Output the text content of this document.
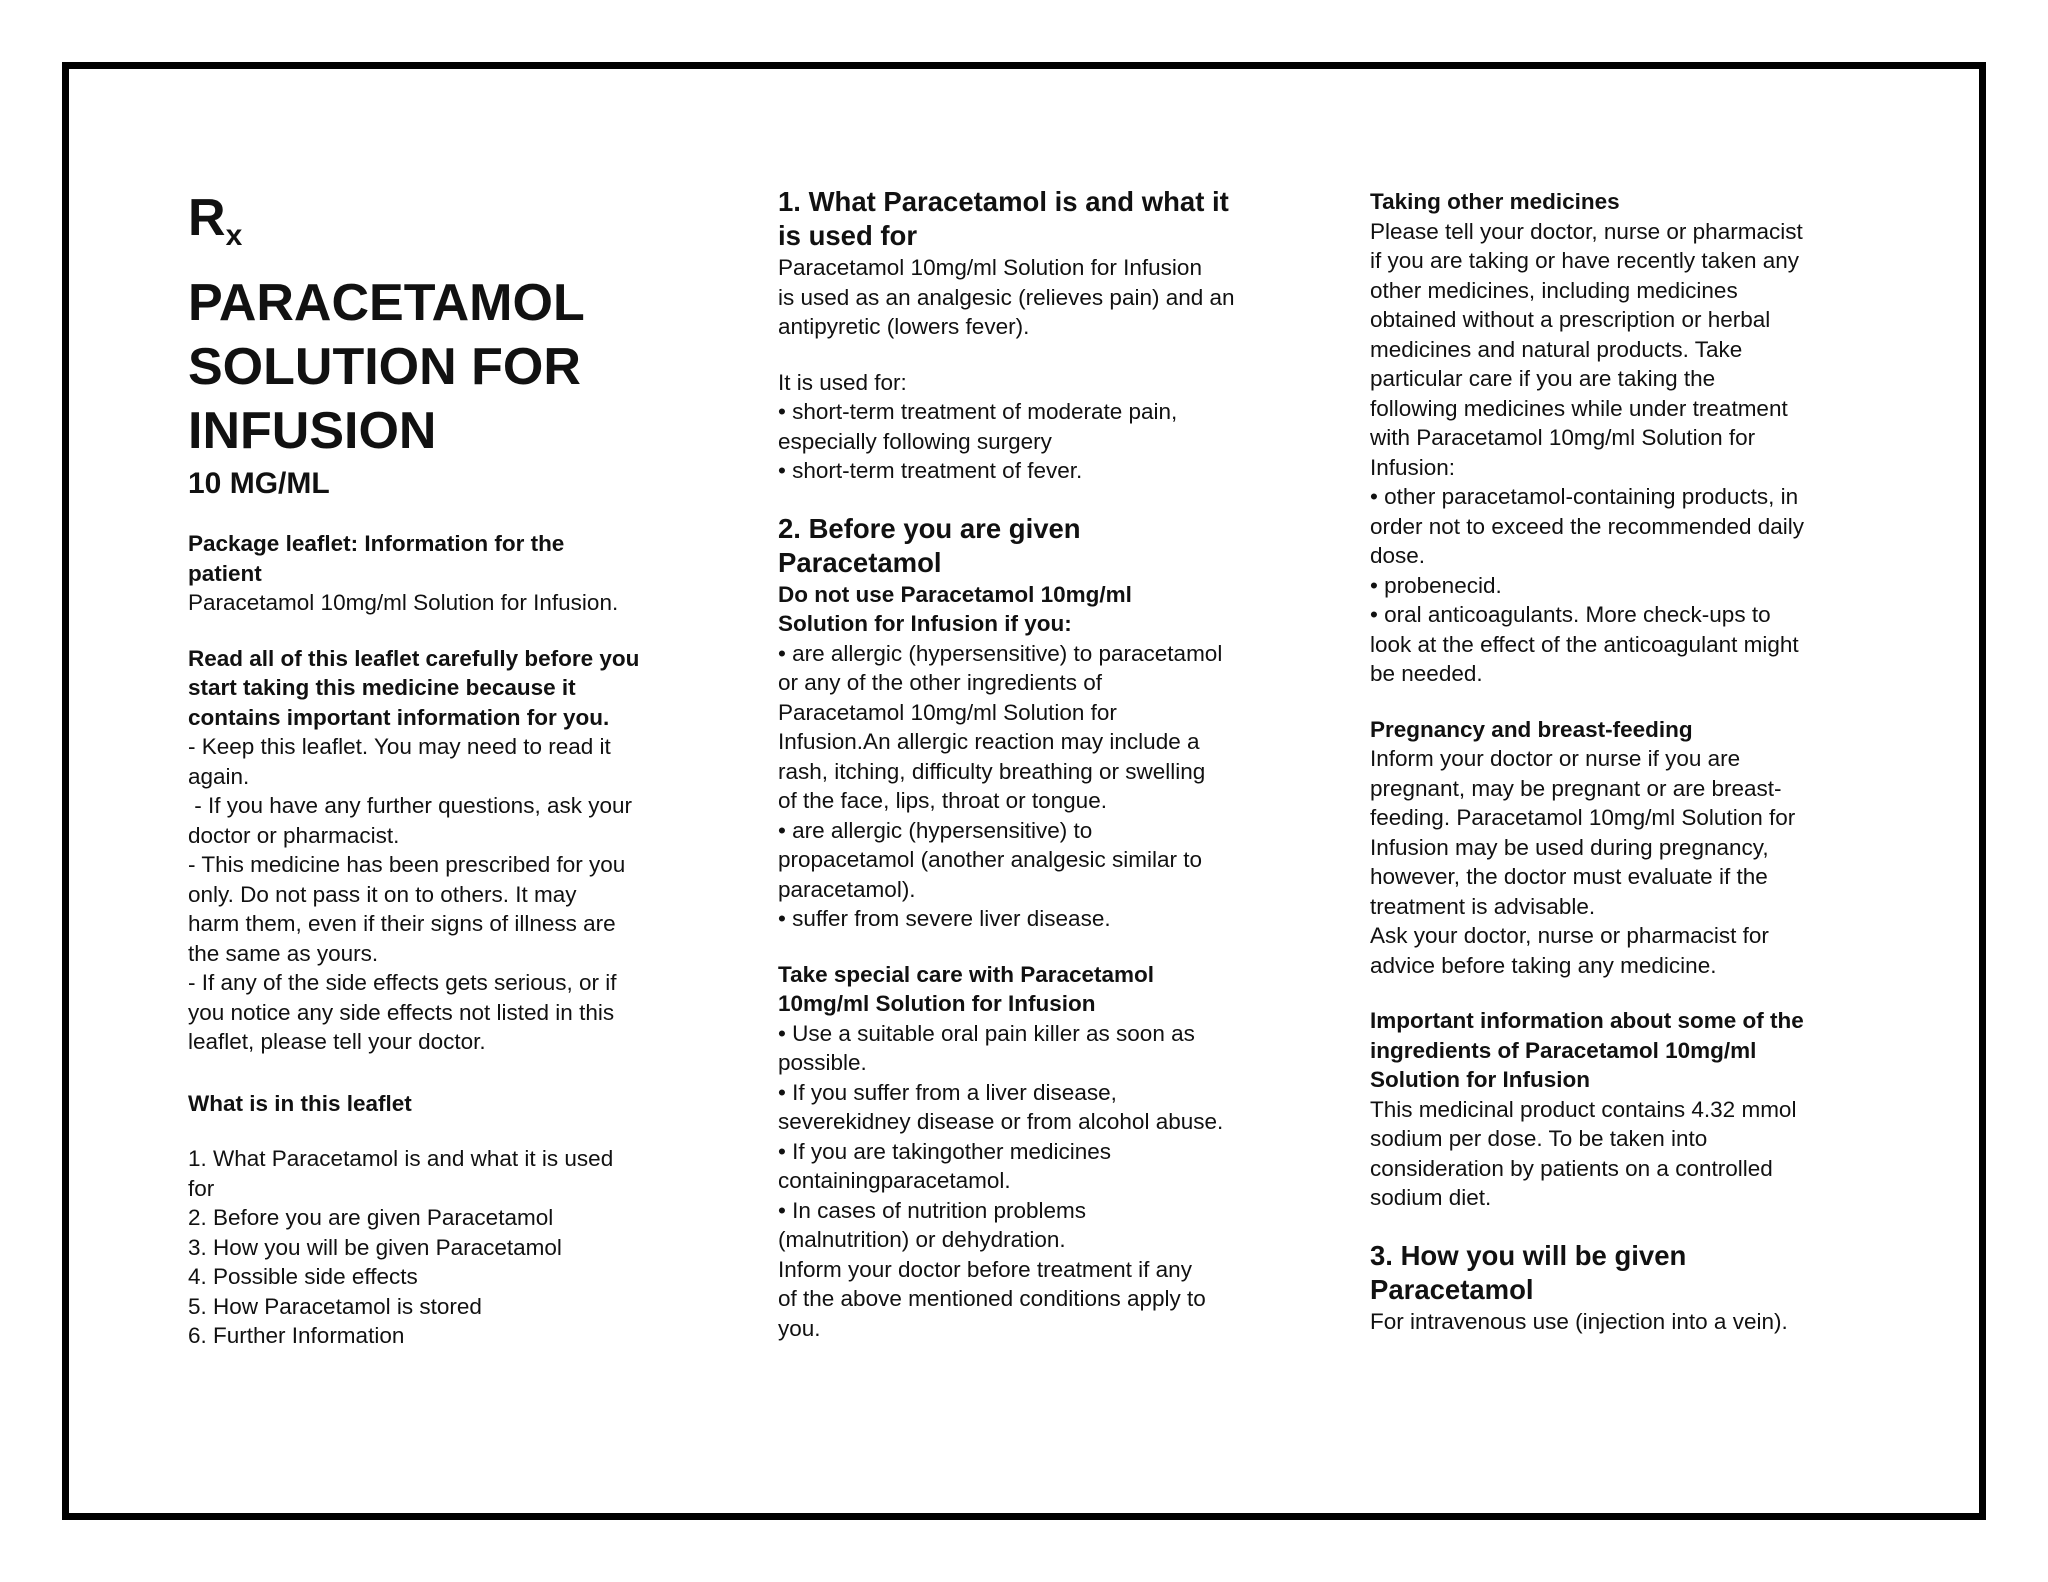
$R_x$
PARACETAMOL
SOLUTION FOR
INFUSION
10 MG/ML

Package leaflet: Information for the

patient

Paracetamol 10mg/ml Solution for Infusion.

Read all of this leaflet carefully before you

start taking this medicine because it

contains important information for you.

- Keep this leaflet. You may need to read it

again.

- If you have any further questions, ask your

doctor or pharmacist.

- This medicine has been prescribed for you

only. Do not pass it on to others. It may

harm them, even if their signs of illness are

the same as yours.

- If any of the side effects gets serious, or if

you notice any side effects not listed in this

leaflet, please tell your doctor.

What is in this leaflet

1. What Paracetamol is and what it is used

for

2. Before you are given Paracetamol

3. How you will be given Paracetamol

4. Possible side effects

5. How Paracetamol is stored

6. Further Information

1. What Paracetamol is and what it

is used for

Paracetamol 10mg/ml Solution for Infusion

is used as an analgesic (relieves pain) and an

antipyretic (lowers fever).

It is used for:

• short-term treatment of moderate pain,

especially following surgery

• short-term treatment of fever.

2. Before you are given

Paracetamol

Do not use Paracetamol 10mg/ml

Solution for Infusion if you:

• are allergic (hypersensitive) to paracetamol

or any of the other ingredients of

Paracetamol 10mg/ml Solution for

Infusion.An allergic reaction may include a

rash, itching, difficulty breathing or swelling

of the face, lips, throat or tongue.

• are allergic (hypersensitive) to

propacetamol (another analgesic similar to

paracetamol).

• suffer from severe liver disease.

Take special care with Paracetamol

10mg/ml Solution for Infusion

• Use a suitable oral pain killer as soon as

possible.

• If you suffer from a liver disease,

severekidney disease or from alcohol abuse.

• If you are takingother medicines

containingparacetamol.

• In cases of nutrition problems

(malnutrition) or dehydration.

Inform your doctor before treatment if any

of the above mentioned conditions apply to

you.

Taking other medicines

Please tell your doctor, nurse or pharmacist

if you are taking or have recently taken any

other medicines, including medicines

obtained without a prescription or herbal

medicines and natural products. Take

particular care if you are taking the

following medicines while under treatment

with Paracetamol 10mg/ml Solution for

Infusion:

• other paracetamol-containing products, in

order not to exceed the recommended daily

dose.

• probenecid.

• oral anticoagulants. More check-ups to

look at the effect of the anticoagulant might

be needed.

Pregnancy and breast-feeding

Inform your doctor or nurse if you are

pregnant, may be pregnant or are breast-

feeding. Paracetamol 10mg/ml Solution for

Infusion may be used during pregnancy,

however, the doctor must evaluate if the

treatment is advisable.

Ask your doctor, nurse or pharmacist for

advice before taking any medicine.

Important information about some of the

ingredients of Paracetamol 10mg/ml

Solution for Infusion

This medicinal product contains 4.32 mmol

sodium per dose. To be taken into

consideration by patients on a controlled

sodium diet.

3. How you will be given

Paracetamol

For intravenous use (injection into a vein).
